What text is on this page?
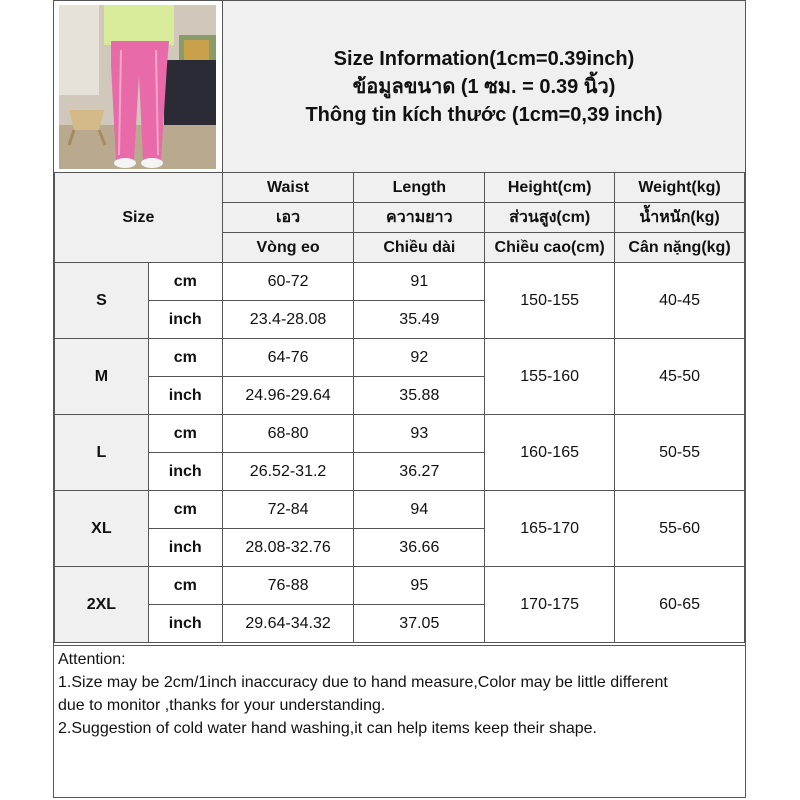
Size Information(1cm=0.39inch)
ข้อมูลขนาด (1 ซม. = 0.39 นิ้ว)
Thông tin kích thước (1cm=0,39 inch)
Size		Waist	Length	Height(cm)	Weight(kg)
		เอว	ความยาว	ส่วนสูง(cm)	น้ำหนัก(kg)
		Vòng eo	Chiều dài	Chiều cao(cm)	Cân nặng(kg)
S	cm	60-72	91	150-155	40-45
	inch	23.4-28.08	35.49		
M	cm	64-76	92	155-160	45-50
	inch	24.96-29.64	35.88		
L	cm	68-80	93	160-165	50-55
	inch	26.52-31.2	36.27		
XL	cm	72-84	94	165-170	55-60
	inch	28.08-32.76	36.66		
2XL	cm	76-88	95	170-175	60-65
	inch	29.64-34.32	37.05		

Attention:

1.Size may be 2cm/1inch inaccuracy due to hand measure,Color may be little different

due to monitor ,thanks for your understanding.

2.Suggestion of cold water hand washing,it can help items keep their shape.
